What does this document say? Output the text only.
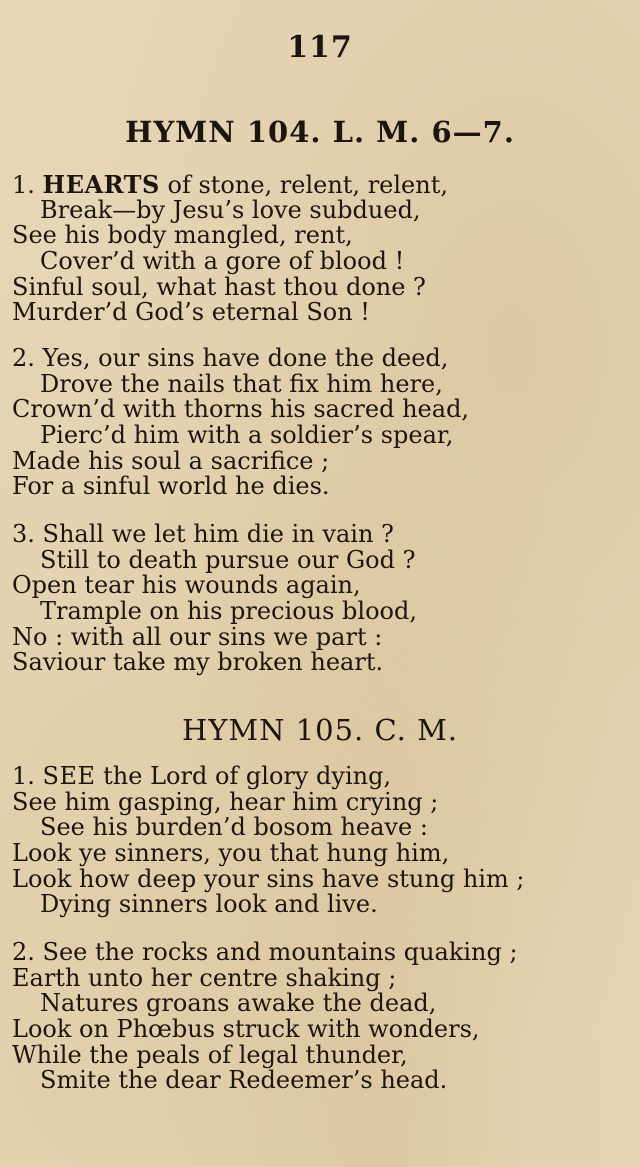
117
HYMN 104. L. M. 6—7.
1. HEARTS of stone, relent, relent,
Break—by Jesu’s love subdued,
See his body mangled, rent,
Cover’d with a gore of blood !
Sinful soul, what hast thou done ?
Murder’d God’s eternal Son !
2. Yes, our sins have done the deed,
Drove the nails that fix him here,
Crown’d with thorns his sacred head,
Pierc’d him with a soldier’s spear,
Made his soul a sacrifice ;
For a sinful world he dies.
3. Shall we let him die in vain ?
Still to death pursue our God ?
Open tear his wounds again,
Trample on his precious blood,
No : with all our sins we part :
Saviour take my broken heart.
HYMN 105. C. M.
1. SEE the Lord of glory dying,
See him gasping, hear him crying ;
See his burden’d bosom heave :
Look ye sinners, you that hung him,
Look how deep your sins have stung him ;
Dying sinners look and live.
2. See the rocks and mountains quaking ;
Earth unto her centre shaking ;
Natures groans awake the dead,
Look on Phœbus struck with wonders,
While the peals of legal thunder,
Smite the dear Redeemer’s head.
